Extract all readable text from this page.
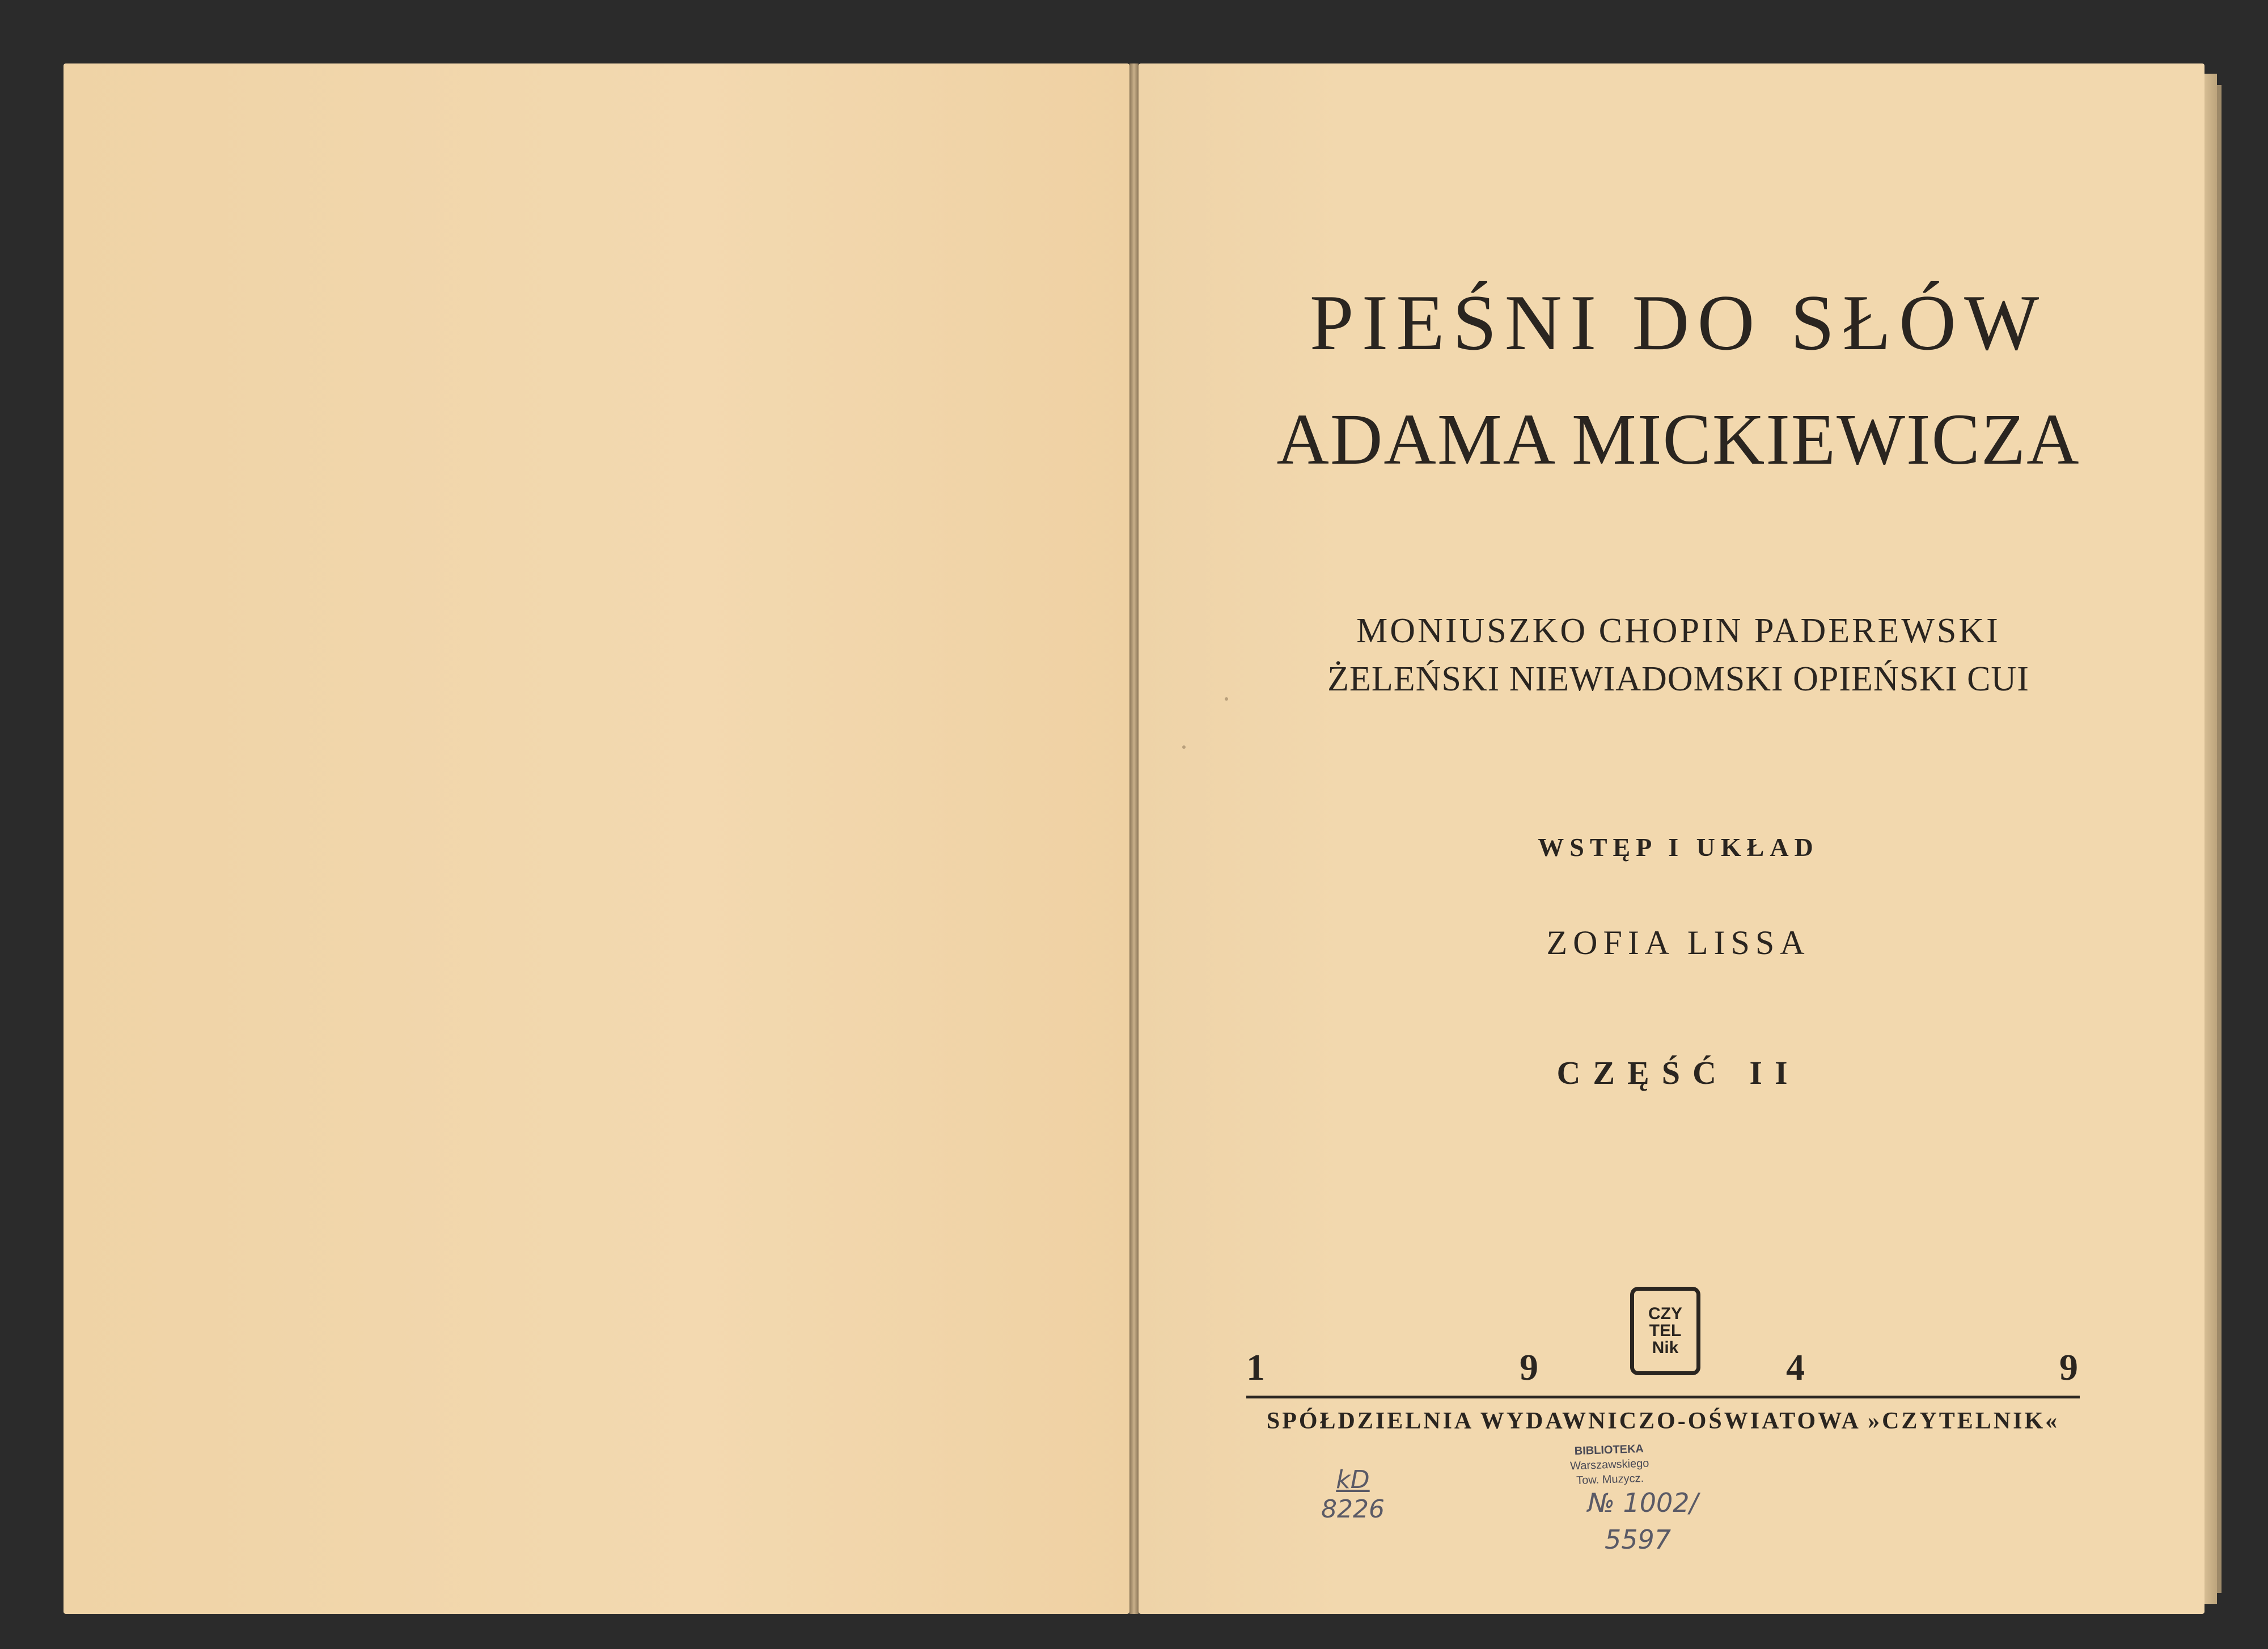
PIEŚNI DO SŁÓW
ADAMA MICKIEWICZA
MONIUSZKO CHOPIN PADEREWSKI
ŻELEŃSKI NIEWIADOMSKI OPIEŃSKI CUI
WSTĘP I UKŁAD
ZOFIA LISSA
CZĘŚĆ II
CZY
TEL
Nik
1	9	4	9
SPÓŁDZIELNIA WYDAWNICZO-OŚWIATOWA »CZYTELNIK«
BIBLIOTEKA
Warszawskiego
Tow. Muzycz.
kD
8226	№ 1002/
5597
